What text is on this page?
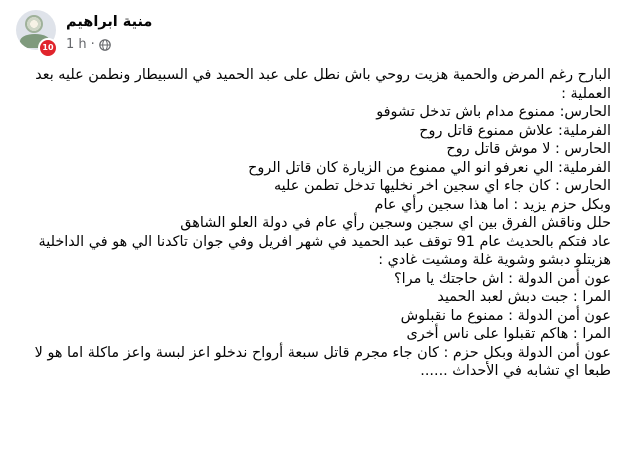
10
منية ابراهيم
1 h ·
البارح رغم المرض والحمية هزيت روحي باش نطل على عبد الحميد في السبيطار ونطمن عليه بعد العملية :
الحارس: ممنوع مدام باش تدخل تشوفو
الفرملية: علاش ممنوع قاتل روح
الحارس : لا موش قاتل روح
الفرملية: الي نعرفو انو الي ممنوع من الزيارة كان قاتل الروح
الحارس : كان جاء اي سجين اخر نخليها تدخل تطمن عليه
وبكل حزم يزيد : اما هذا سجين رأي عام
حلل وناقش الفرق بين اي سجين وسجين رأي عام في دولة العلو الشاهق
عاد فتكم بالحديث عام 91 توقف عبد الحميد في شهر افريل وفي جوان تاكدنا الي هو في الداخلية هزيتلو دبشو وشوية غلة ومشيت غادي :
عون أمن الدولة : اش حاجتك يا مرا؟
المرا : جبت دبش لعبد الحميد
عون أمن الدولة : ممنوع ما نقبلوش
المرا : هاكم تقبلوا على ناس أخرى
عون أمن الدولة وبكل حزم : كان جاء مجرم قاتل سبعة أرواح ندخلو اعز لبسة واعز ماكلة اما هو لا
طبعا اي تشابه في الأحداث ......
